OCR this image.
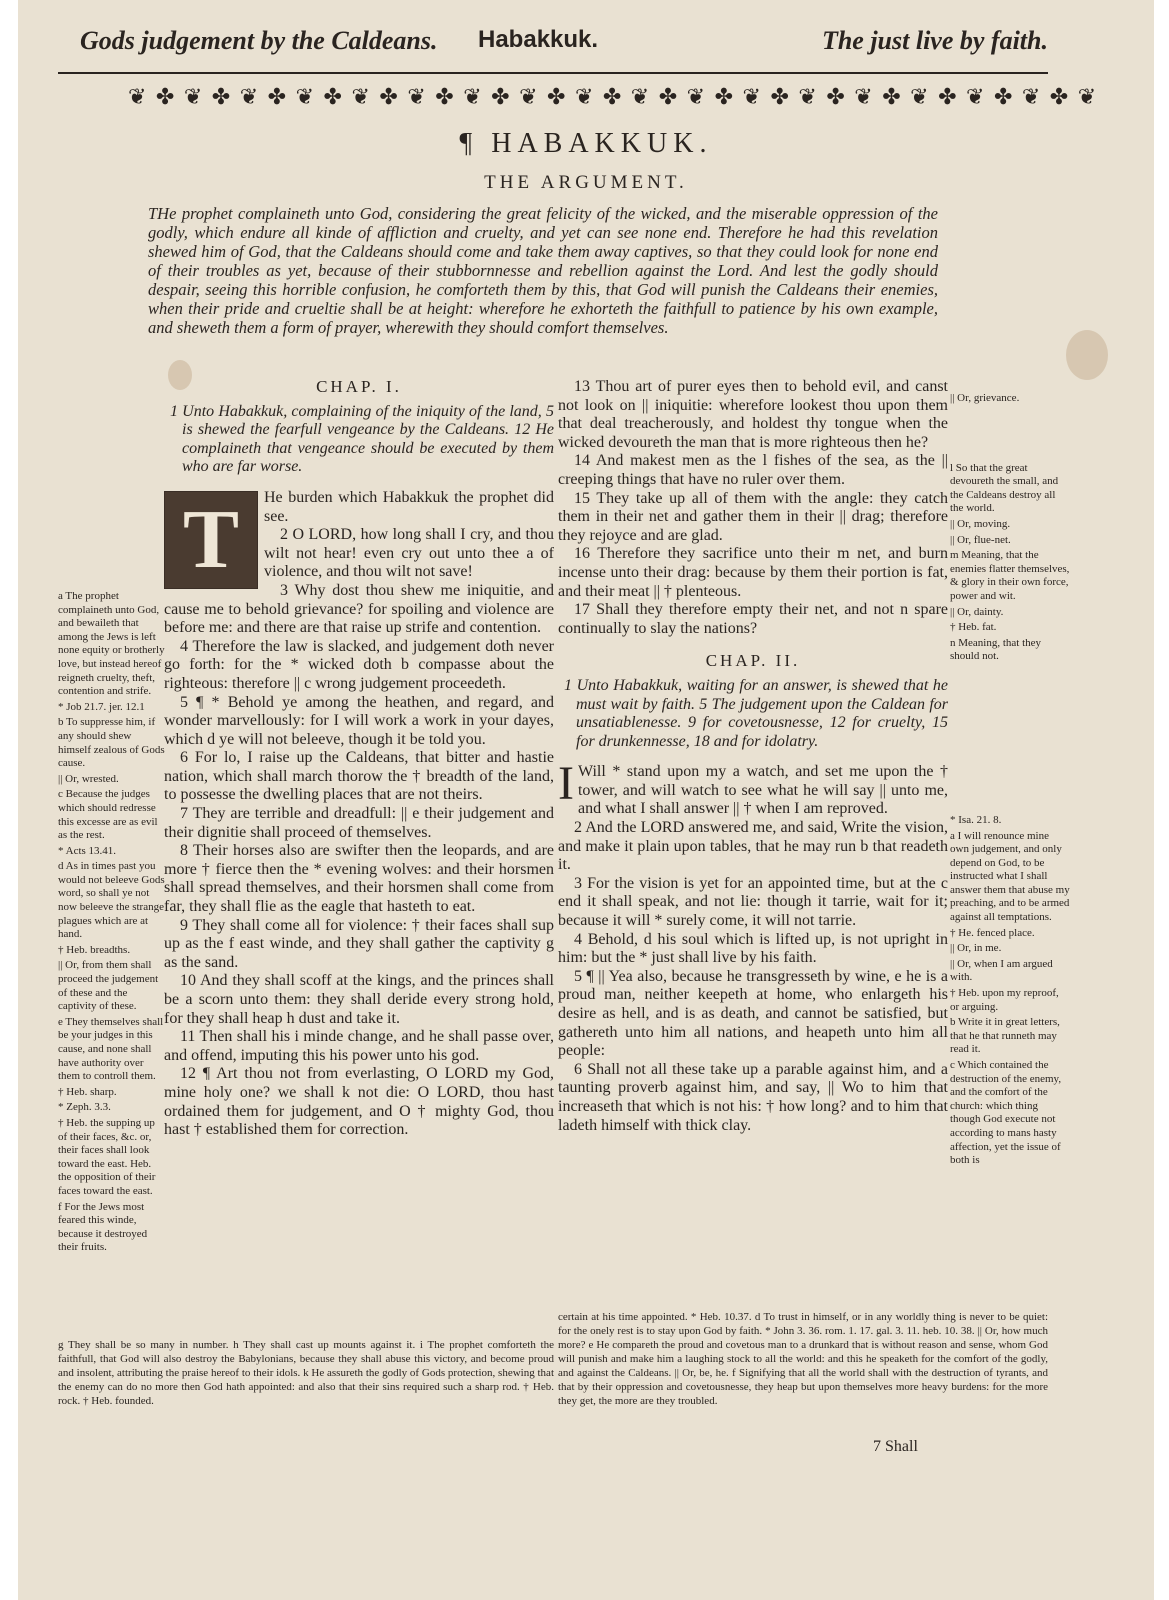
Gods judgement by the Caldeans. Habakkuk.	The just live by faith.
❦ ✤ ❦ ✤ ❦ ✤ ❦ ✤ ❦ ✤ ❦ ✤ ❦ ✤ ❦ ✤ ❦ ✤ ❦ ✤ ❦ ✤ ❦ ✤ ❦ ✤ ❦ ✤ ❦ ✤ ❦ ✤ ❦ ✤ ❦
¶ HABAKKUK.
THE ARGUMENT.
THe prophet complaineth unto God, considering the great felicity of the wicked, and the miserable oppression of the godly, which endure all kinde of affliction and cruelty, and yet can see none end. Therefore he had this revelation shewed him of God, that the Caldeans should come and take them away captives, so that they could look for none end of their troubles as yet, because of their stubbornnesse and rebellion against the Lord. And lest the godly should despair, seeing this horrible confusion, he comforteth them by this, that God will punish the Caldeans their enemies, when their pride and crueltie shall be at height: wherefore he exhorteth the faithfull to patience by his own example, and sheweth them a form of prayer, wherewith they should comfort themselves.
CHAP. I.
1 Unto Habakkuk, complaining of the iniquity of the land, 5 is shewed the fearfull vengeance by the Caldeans. 12 He complaineth that vengeance should be executed by them who are far worse.
T	He burden which Habakkuk the prophet did see.

2 O LORD, how long shall I cry, and thou wilt not hear! even cry out unto thee a of violence, and thou wilt not save!

3 Why dost thou shew me iniquitie, and cause me to behold grievance? for spoiling and violence are before me: and there are that raise up strife and contention.

4 Therefore the law is slacked, and judgement doth never go forth: for the * wicked doth b compasse about the righteous: therefore || c wrong judgement proceedeth.

5 ¶ * Behold ye among the heathen, and regard, and wonder marvellously: for I will work a work in your dayes, which d ye will not beleeve, though it be told you.

6 For lo, I raise up the Caldeans, that bitter and hastie nation, which shall march thorow the † breadth of the land, to possesse the dwelling places that are not theirs.

7 They are terrible and dreadfull: || e their judgement and their dignitie shall proceed of themselves.

8 Their horses also are swifter then the leopards, and are more † fierce then the * evening wolves: and their horsmen shall spread themselves, and their horsmen shall come from far, they shall flie as the eagle that hasteth to eat.

9 They shall come all for violence: † their faces shall sup up as the f east winde, and they shall gather the captivity g as the sand.

10 And they shall scoff at the kings, and the princes shall be a scorn unto them: they shall deride every strong hold, for they shall heap h dust and take it.

11 Then shall his i minde change, and he shall passe over, and offend, imputing this his power unto his god.

12 ¶ Art thou not from everlasting, O LORD my God, mine holy one? we shall k not die: O LORD, thou hast ordained them for judgement, and O † mighty God, thou hast † established them for correction.

13 Thou art of purer eyes then to behold evil, and canst not look on || iniquitie: wherefore lookest thou upon them that deal treacherously, and holdest thy tongue when the wicked devoureth the man that is more righteous then he?

14 And makest men as the l fishes of the sea, as the || creeping things that have no ruler over them.

15 They take up all of them with the angle: they catch them in their net and gather them in their || drag; therefore they rejoyce and are glad.

16 Therefore they sacrifice unto their m net, and burn incense unto their drag: because by them their portion is fat, and their meat || † plenteous.

17 Shall they therefore empty their net, and not n spare continually to slay the nations?

CHAP. II.
1 Unto Habakkuk, waiting for an answer, is shewed that he must wait by faith. 5 The judgement upon the Caldean for unsatiablenesse. 9 for covetousnesse, 12 for cruelty, 15 for drunkennesse, 18 and for idolatry.
I Will * stand upon my a watch, and set me upon the † tower, and will watch to see what he will say || unto me, and what I shall answer || † when I am reproved.

2 And the LORD answered me, and said, Write the vision, and make it plain upon tables, that he may run b that readeth it.

3 For the vision is yet for an appointed time, but at the c end it shall speak, and not lie: though it tarrie, wait for it; because it will * surely come, it will not tarrie.

4 Behold, d his soul which is lifted up, is not upright in him: but the * just shall live by his faith.

5 ¶ || Yea also, because he transgresseth by wine, e he is a proud man, neither keepeth at home, who enlargeth his desire as hell, and is as death, and cannot be satisfied, but gathereth unto him all nations, and heapeth unto him all people:

6 Shall not all these take up a parable against him, and a taunting proverb against him, and say, || Wo to him that increaseth that which is not his: † how long? and to him that ladeth himself with thick clay.

a The prophet complaineth unto God, and bewaileth that among the Jews is left none equity or brotherly love, but instead hereof reigneth cruelty, theft, contention and strife.

* Job 21.7. jer. 12.1

b To suppresse him, if any should shew himself zealous of Gods cause.

|| Or, wrested.

c Because the judges which should redresse this excesse are as evil as the rest.

* Acts 13.41.

d As in times past you would not beleeve Gods word, so shall ye not now beleeve the strange plagues which are at hand.

† Heb. breadths.

|| Or, from them shall proceed the judgement of these and the captivity of these.

e They themselves shall be your judges in this cause, and none shall have authority over them to controll them.

† Heb. sharp.

* Zeph. 3.3.

† Heb. the supping up of their faces, &c. or, their faces shall look toward the east. Heb. the opposition of their faces toward the east.

f For the Jews most feared this winde, because it destroyed their fruits.

|| Or, grievance.

l So that the great devoureth the small, and the Caldeans destroy all the world.

|| Or, moving.

|| Or, flue-net.

m Meaning, that the enemies flatter themselves, & glory in their own force, power and wit.

|| Or, dainty.

† Heb. fat.

n Meaning, that they should not.

* Isa. 21. 8.

a I will renounce mine own judgement, and only depend on God, to be instructed what I shall answer them that abuse my preaching, and to be armed against all temptations.

† He. fenced place.

|| Or, in me.

|| Or, when I am argued with.

† Heb. upon my reproof, or arguing.

b Write it in great letters, that he that runneth may read it.

c Which contained the destruction of the enemy, and the comfort of the church: which thing though God execute not according to mans hasty affection, yet the issue of both is

g They shall be so many in number. h They shall cast up mounts against it. i The prophet comforteth the faithfull, that God will also destroy the Babylonians, because they shall abuse this victory, and become proud and insolent, attributing the praise hereof to their idols. k He assureth the godly of Gods protection, shewing that the enemy can do no more then God hath appointed: and also that their sins required such a sharp rod. † Heb. rock. † Heb. founded.
certain at his time appointed. * Heb. 10.37. d To trust in himself, or in any worldly thing is never to be quiet: for the onely rest is to stay upon God by faith. * John 3. 36. rom. 1. 17. gal. 3. 11. heb. 10. 38. || Or, how much more? e He compareth the proud and covetous man to a drunkard that is without reason and sense, whom God will punish and make him a laughing stock to all the world: and this he speaketh for the comfort of the godly, and against the Caldeans. || Or, be, he. f Signifying that all the world shall with the destruction of tyrants, and that by their oppression and covetousnesse, they heap but upon themselves more heavy burdens: for the more they get, the more are they troubled.
7 Shall
